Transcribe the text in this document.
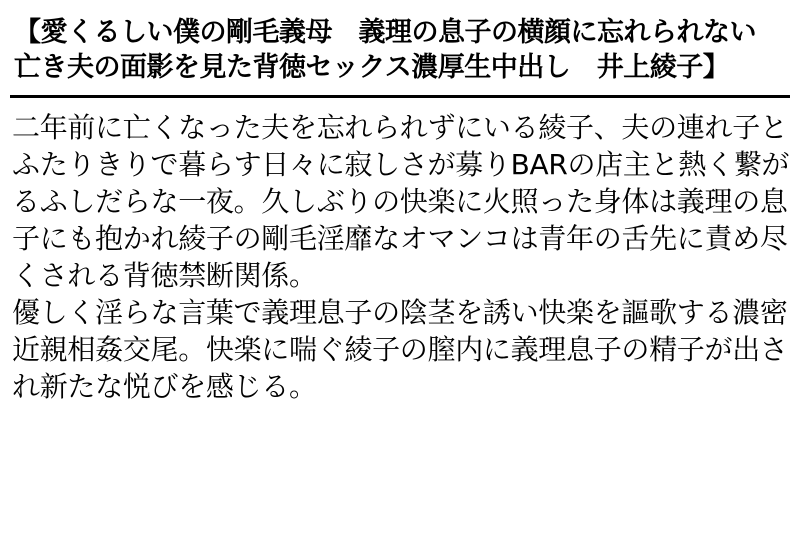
【愛くるしい僕の剛毛義母　義理の息子の横顔に忘れられない
亡き夫の面影を見た背徳セックス濃厚生中出し　井上綾子】
二年前に亡くなった夫を忘れられずにいる綾子、夫の連れ子と
ふたりきりで暮らす日々に寂しさが募りBARの店主と熱く繋が
るふしだらな一夜。久しぶりの快楽に火照った身体は義理の息
子にも抱かれ綾子の剛毛淫靡なオマンコは青年の舌先に責め尽
くされる背徳禁断関係。
優しく淫らな言葉で義理息子の陰茎を誘い快楽を謳歌する濃密
近親相姦交尾。快楽に喘ぐ綾子の膣内に義理息子の精子が出さ
れ新たな悦びを感じる。
